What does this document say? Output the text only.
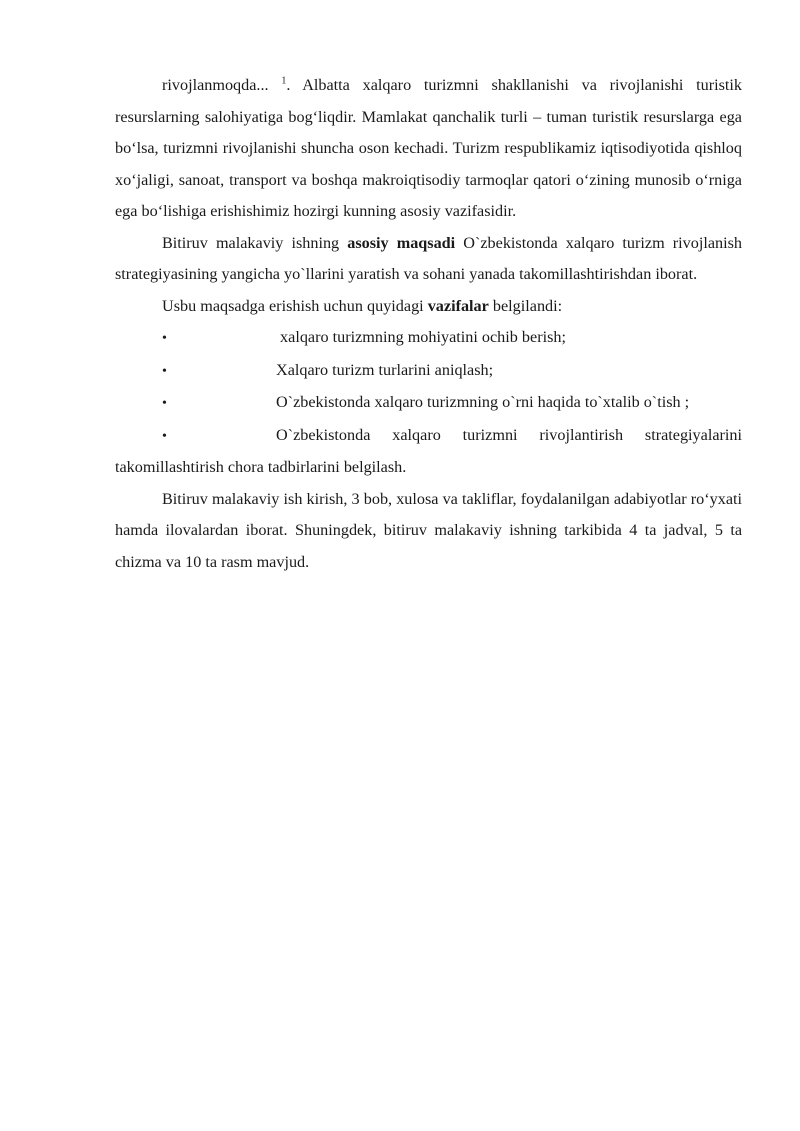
rivojlanmoqda... $^1$. Albatta xalqaro turizmni shakllanishi va rivojlanishi turistik resurslarning salohiyatiga bog‘liqdir. Mamlakat qanchalik turli – tuman turistik resurslarga ega bo‘lsa, turizmni rivojlanishi shuncha oson kechadi. Turizm respublikamiz iqtisodiyotida qishloq xo‘jaligi, sanoat, transport va boshqa makroiqtisodiy tarmoqlar qatori o‘zining munosib o‘rniga ega bo‘lishiga erishishimiz hozirgi kunning asosiy vazifasidir.

Bitiruv malakaviy ishning asosiy maqsadi O`zbekistonda xalqaro turizm rivojlanish strategiyasining yangicha yo`llarini yaratish va sohani yanada takomillashtirishdan iborat.

Usbu maqsadga erishish uchun quyidagi vazifalar belgilandi:

•	xalqaro turizmning mohiyatini ochib berish;

•	Xalqaro turizm turlarini aniqlash;

•	O`zbekistonda xalqaro turizmning o`rni haqida to`xtalib o`tish ;

•	O`zbekistonda xalqaro turizmni rivojlantirish strategiyalarini takomillashtirish chora tadbirlarini belgilash.

Bitiruv malakaviy ish kirish, 3 bob, xulosa va takliflar, foydalanilgan adabiyotlar ro‘yxati hamda ilovalardan iborat. Shuningdek, bitiruv malakaviy ishning tarkibida 4 ta jadval, 5 ta chizma va 10 ta rasm mavjud.
